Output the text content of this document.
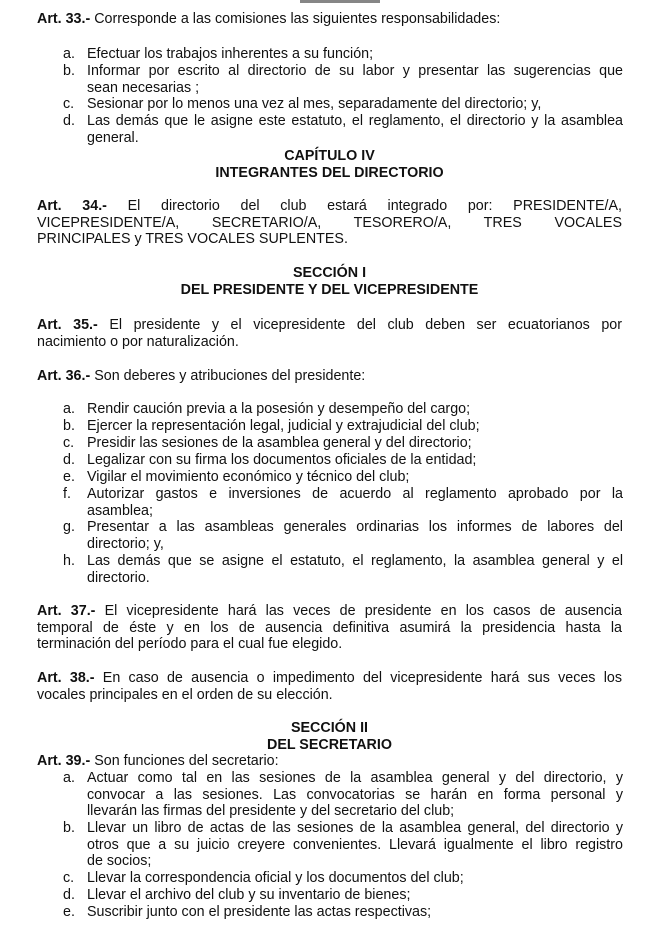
Art. 33.- Corresponde a las comisiones las siguientes responsabilidades:
a. Efectuar los trabajos inherentes a su función;
b. Informar por escrito al directorio de su labor y presentar las sugerencias que
sean necesarias ;
c. Sesionar por lo menos una vez al mes, separadamente del directorio; y,
d. Las demás que le asigne este estatuto, el reglamento, el directorio y la asamblea
general.
CAPÍTULO IV
INTEGRANTES DEL DIRECTORIO
Art. 34.- El directorio del club estará integrado por: PRESIDENTE/A,
VICEPRESIDENTE/A, SECRETARIO/A, TESORERO/A, TRES VOCALES
PRINCIPALES y TRES VOCALES SUPLENTES.
SECCIÓN I
DEL PRESIDENTE Y DEL VICEPRESIDENTE
Art. 35.- El presidente y el vicepresidente del club deben ser ecuatorianos por
nacimiento o por naturalización.
Art. 36.- Son deberes y atribuciones del presidente:
a. Rendir caución previa a la posesión y desempeño del cargo;
b. Ejercer la representación legal, judicial y extrajudicial del club;
c. Presidir las sesiones de la asamblea general y del directorio;
d. Legalizar con su firma los documentos oficiales de la entidad;
e. Vigilar el movimiento económico y técnico del club;
f.	Autorizar gastos e inversiones de acuerdo al reglamento aprobado por la
asamblea;
g. Presentar a las asambleas generales ordinarias los informes de labores del
directorio; y,
h. Las demás que se asigne el estatuto, el reglamento, la asamblea general y el
directorio.
Art. 37.- El vicepresidente hará las veces de presidente en los casos de ausencia
temporal de éste y en los de ausencia definitiva asumirá la presidencia hasta la
terminación del período para el cual fue elegido.
Art. 38.- En caso de ausencia o impedimento del vicepresidente hará sus veces los
vocales principales en el orden de su elección.
SECCIÓN II
DEL SECRETARIO
Art. 39.- Son funciones del secretario:
a. Actuar como tal en las sesiones de la asamblea general y del directorio, y
convocar a las sesiones. Las convocatorias se harán en forma personal y
llevarán las firmas del presidente y del secretario del club;
b. Llevar un libro de actas de las sesiones de la asamblea general, del directorio y
otros que a su juicio creyere convenientes. Llevará igualmente el libro registro
de socios;
c. Llevar la correspondencia oficial y los documentos del club;
d. Llevar el archivo del club y su inventario de bienes;
e. Suscribir junto con el presidente las actas respectivas;
